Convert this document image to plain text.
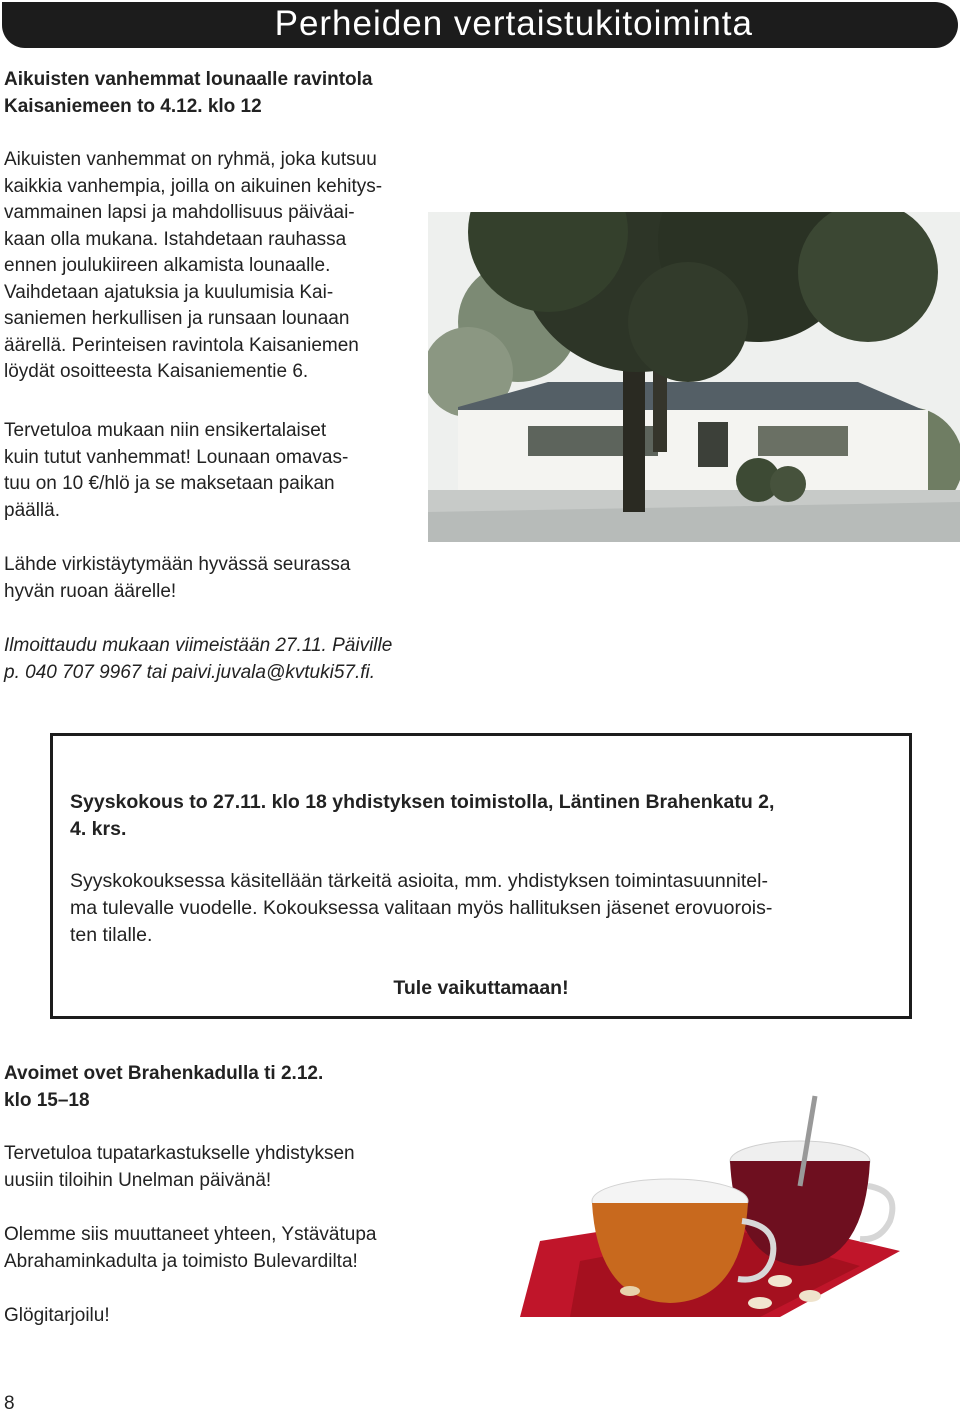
Perheiden vertaistukitoiminta

Aikuisten vanhemmat lounaalle ravintola
Kaisaniemeen to 4.12. klo 12

Aikuisten vanhemmat on ryhmä, joka kutsuu
kaikkia vanhempia, joilla on aikuinen kehitys-
vammainen lapsi ja mahdollisuus päiväai-
kaan olla mukana. Istahdetaan rauhassa
ennen joulukiireen alkamista lounaalle.
Vaihdetaan ajatuksia ja kuulumisia Kai-
saniemen herkullisen ja runsaan lounaan
äärellä. Perinteisen ravintola Kaisaniemen
löydät osoitteesta Kaisaniementie 6.

Tervetuloa mukaan niin ensikertalaiset
kuin tutut vanhemmat! Lounaan omavas-
tuu on 10 €/hlö ja se maksetaan paikan
päällä.

Lähde virkistäytymään hyvässä seurassa
hyvän ruoan äärelle!

Ilmoittaudu mukaan viimeistään 27.11. Päiville
p. 040 707 9967 tai paivi.juvala@kvtuki57.fi.

Syyskokous to 27.11. klo 18 yhdistyksen toimistolla, Läntinen Brahenkatu 2,
4. krs.

Syyskokouksessa käsitellään tärkeitä asioita, mm. yhdistyksen toimintasuunnitel-
ma tulevalle vuodelle. Kokouksessa valitaan myös hallituksen jäsenet erovuorois-
ten tilalle.

Tule vaikuttamaan!

Avoimet ovet Brahenkadulla ti 2.12.
klo 15–18

Tervetuloa tupatarkastukselle yhdistyksen
uusiin tiloihin Unelman päivänä!

Olemme siis muuttaneet yhteen, Ystävätupa
Abrahaminkadulta ja toimisto Bulevardilta!

Glögitarjoilu!

8
